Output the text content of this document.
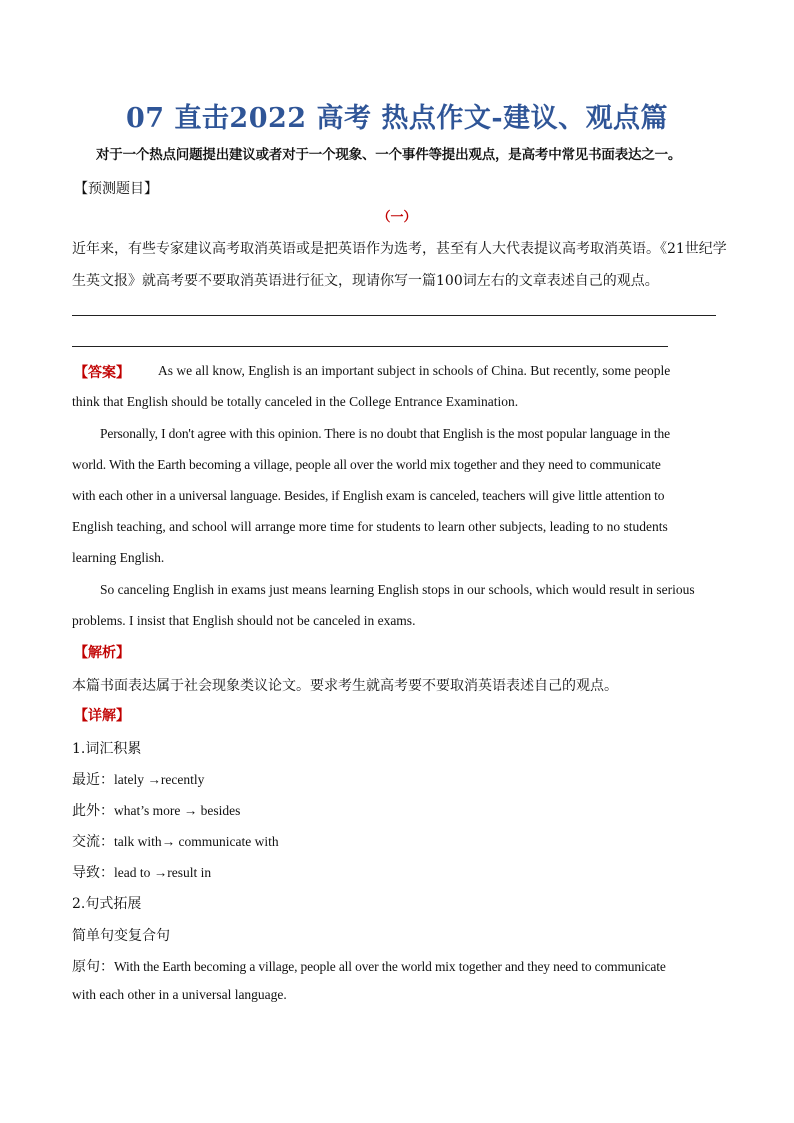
07 直击2022 高考 热点作文-建议、观点篇
对于一个热点问题提出建议或者对于一个现象、一个事件等提出观点，是高考中常见书面表达之一。
【预测题目】
（一）
近年来，有些专家建议高考取消英语或是把英语作为选考，甚至有人大代表提议高考取消英语。《21世纪学
生英文报》就高考要不要取消英语进行征文，现请你写一篇100词左右的文章表述自己的观点。
【答案】 As we all know, English is an important subject in schools of China. But recently, some people
think that English should be totally canceled in the College Entrance Examination.
Personally, I don't agree with this opinion. There is no doubt that English is the most popular language in the
world. With the Earth becoming a village, people all over the world mix together and they need to communicate
with each other in a universal language. Besides, if English exam is canceled, teachers will give little attention to
English teaching, and school will arrange more time for students to learn other subjects, leading to no students
learning English.
So canceling English in exams just means learning English stops in our schools, which would result in serious
problems. I insist that English should not be canceled in exams.
【解析】
本篇书面表达属于社会现象类议论文。要求考生就高考要不要取消英语表述自己的观点。
【详解】
1.词汇积累
最近：lately →recently
此外：what’s more → besides
交流：talk with→ communicate with
导致：lead to →result in
2.句式拓展
简单句变复合句
原句：With the Earth becoming a village, people all over the world mix together and they need to communicate
with each other in a universal language.
